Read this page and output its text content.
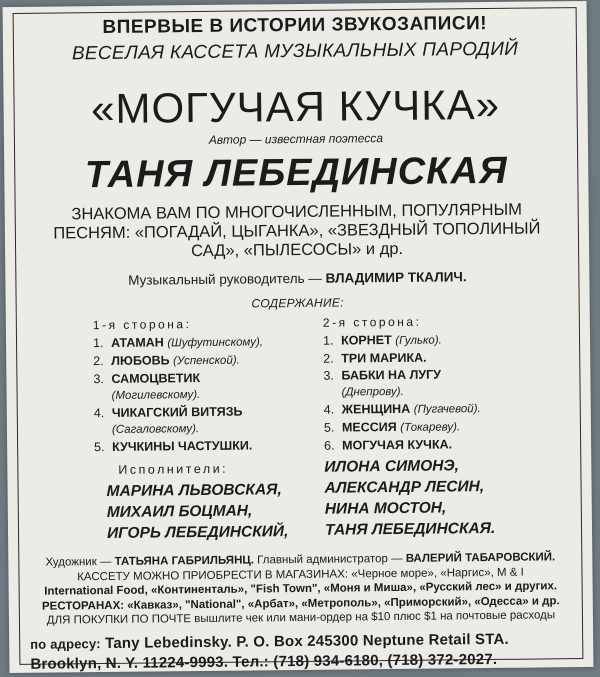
ВПЕРВЫЕ В ИСТОРИИ ЗВУКОЗАПИСИ!
ВЕСЕЛАЯ КАССЕТА МУЗЫКАЛЬНЫХ ПАРОДИЙ
«МОГУЧАЯ КУЧКА»
Автор — известная поэтесса
ТАНЯ ЛЕБЕДИНСКАЯ
ЗНАКОМА ВАМ ПО МНОГОЧИСЛЕННЫМ, ПОПУЛЯРНЫМ
ПЕСНЯМ: «ПОГАДАЙ, ЦЫГАНКА», «ЗВЕЗДНЫЙ ТОПОЛИНЫЙ
САД», «ПЫЛЕСОСЫ» и др.
Музыкальный руководитель — ВЛАДИМИР ТКАЛИЧ.
СОДЕРЖАНИЕ:
1-я сторона:
1. АТАМАН (Шуфутинскому),
2. ЛЮБОВЬ (Успенской).
3. САМОЦВЕТИК
(Могилевскому).
4. ЧИКАГСКИЙ ВИТЯЗЬ
(Сагаловскому).
5. КУЧКИНЫ ЧАСТУШКИ.
2-я сторона:
1. КОРНЕТ (Гулько).
2. ТРИ МАРИКА.
3. БАБКИ НА ЛУГУ
(Днепрову).
4. ЖЕНЩИНА (Пугачевой).
5. МЕССИЯ (Токареву).
6. МОГУЧАЯ КУЧКА.
Исполнители:
МАРИНА ЛЬВОВСКАЯ,
МИХАИЛ БОЦМАН,
ИГОРЬ ЛЕБЕДИНСКИЙ,
ИЛОНА СИМОНЭ,
АЛЕКСАНДР ЛЕСИН,
НИНА МОСТОН,
ТАНЯ ЛЕБЕДИНСКАЯ.
Художник — ТАТЬЯНА ГАБРИЛЬЯНЦ. Главный администратор — ВАЛЕРИЙ ТАБАРОВСКИЙ.
КАССЕТУ МОЖНО ПРИОБРЕСТИ В МАГАЗИНАХ: «Черное море», «Наргис», M & I
International Food, «Континенталь», "Fish Town", «Моня и Миша», «Русский лес» и других.
РЕСТОРАНАХ: «Кавказ», "National", «Арбат», «Метрополь», «Приморский», «Одесса» и др.
ДЛЯ ПОКУПКИ ПО ПОЧТЕ вышлите чек или мани-ордер на $10 плюс $1 на почтовые расходы
по адресу: Tany Lebedinsky. P. O. Box 245300 Neptune Retail STA.
Brooklyn, N. Y. 11224-9993. Тел.: (718) 934-6180, (718) 372-2027.
